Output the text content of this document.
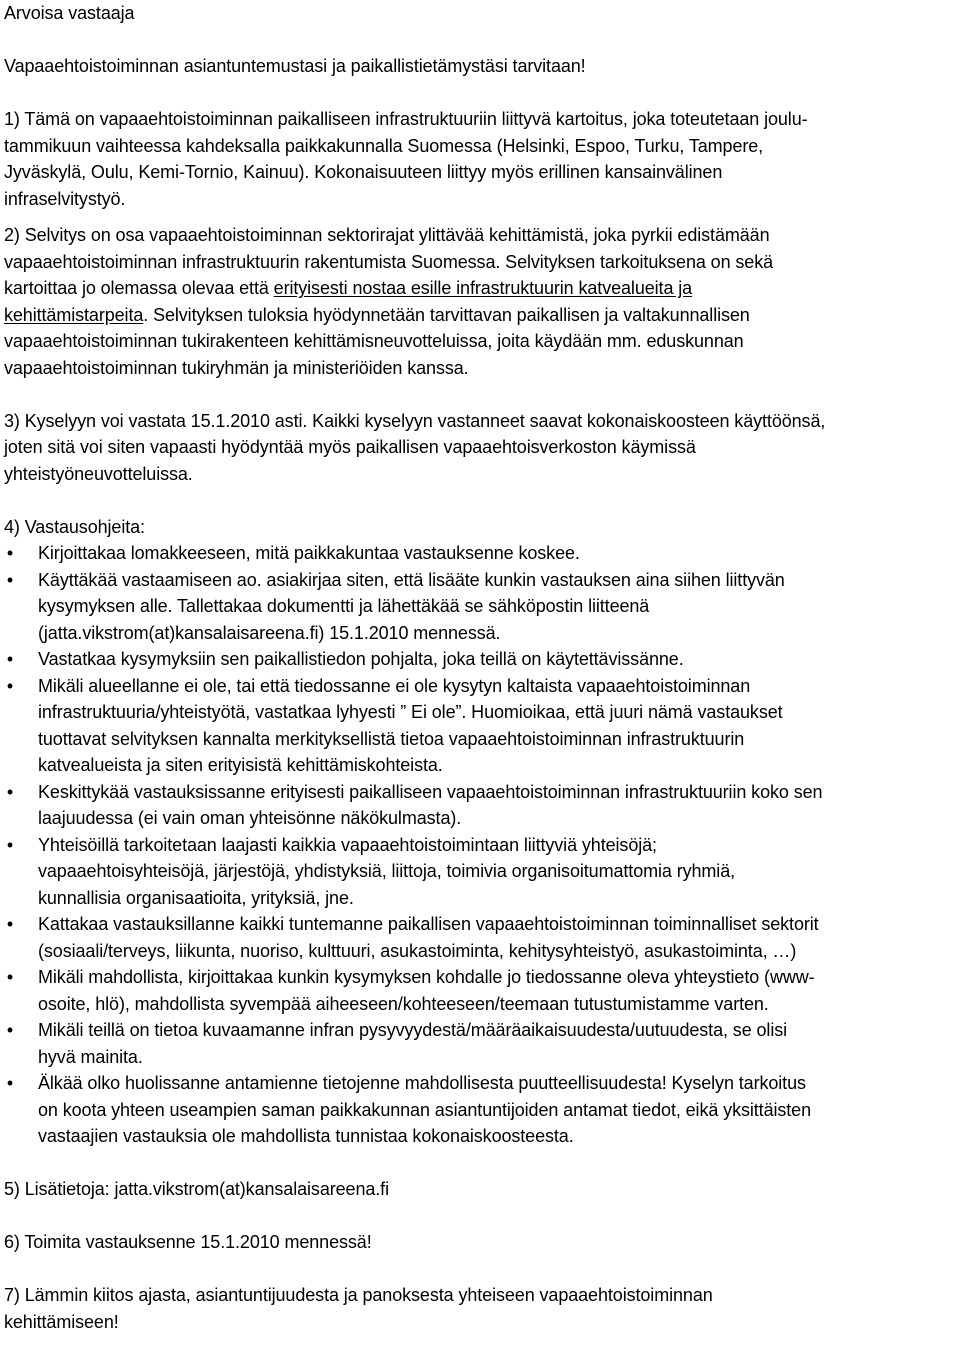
Arvoisa vastaaja
Vapaaehtoistoiminnan asiantuntemustasi ja paikallistietämystäsi tarvitaan!
1) Tämä on vapaaehtoistoiminnan paikalliseen infrastruktuuriin liittyvä kartoitus, joka toteutetaan joulu-
tammikuun vaihteessa kahdeksalla paikkakunnalla Suomessa (Helsinki, Espoo, Turku, Tampere,
Jyväskylä, Oulu, Kemi-Tornio, Kainuu). Kokonaisuuteen liittyy myös erillinen kansainvälinen
infraselvitystyö.
2) Selvitys on osa vapaaehtoistoiminnan sektorirajat ylittävää kehittämistä, joka pyrkii edistämään
vapaaehtoistoiminnan infrastruktuurin rakentumista Suomessa. Selvityksen tarkoituksena on sekä
kartoittaa jo olemassa olevaa että erityisesti nostaa esille infrastruktuurin katvealueita ja
kehittämistarpeita. Selvityksen tuloksia hyödynnetään tarvittavan paikallisen ja valtakunnallisen
vapaaehtoistoiminnan tukirakenteen kehittämisneuvotteluissa, joita käydään mm. eduskunnan
vapaaehtoistoiminnan tukiryhmän ja ministeriöiden kanssa.
3) Kyselyyn voi vastata 15.1.2010 asti. Kaikki kyselyyn vastanneet saavat kokonaiskoosteen käyttöönsä,
joten sitä voi siten vapaasti hyödyntää myös paikallisen vapaaehtoisverkoston käymissä
yhteistyöneuvotteluissa.
4) Vastausohjeita:
• Kirjoittakaa lomakkeeseen, mitä paikkakuntaa vastauksenne koskee.
• Käyttäkää vastaamiseen ao. asiakirjaa siten, että lisääte kunkin vastauksen aina siihen liittyvän
kysymyksen alle. Tallettakaa dokumentti ja lähettäkää se sähköpostin liitteenä
(jatta.vikstrom(at)kansalaisareena.fi) 15.1.2010 mennessä.
• Vastatkaa kysymyksiin sen paikallistiedon pohjalta, joka teillä on käytettävissänne.
• Mikäli alueellanne ei ole, tai että tiedossanne ei ole kysytyn kaltaista vapaaehtoistoiminnan
infrastruktuuria/yhteistyötä, vastatkaa lyhyesti ” Ei ole”. Huomioikaa, että juuri nämä vastaukset
tuottavat selvityksen kannalta merkityksellistä tietoa vapaaehtoistoiminnan infrastruktuurin
katvealueista ja siten erityisistä kehittämiskohteista.
• Keskittykää vastauksissanne erityisesti paikalliseen vapaaehtoistoiminnan infrastruktuuriin koko sen
laajuudessa (ei vain oman yhteisönne näkökulmasta).
• Yhteisöillä tarkoitetaan laajasti kaikkia vapaaehtoistoimintaan liittyviä yhteisöjä;
vapaaehtoisyhteisöjä, järjestöjä, yhdistyksiä, liittoja, toimivia organisoitumattomia ryhmiä,
kunnallisia organisaatioita, yrityksiä, jne.
• Kattakaa vastauksillanne kaikki tuntemanne paikallisen vapaaehtoistoiminnan toiminnalliset sektorit
(sosiaali/terveys, liikunta, nuoriso, kulttuuri, asukastoiminta, kehitysyhteistyö, asukastoiminta, …)
• Mikäli mahdollista, kirjoittakaa kunkin kysymyksen kohdalle jo tiedossanne oleva yhteystieto (www-
osoite, hlö), mahdollista syvempää aiheeseen/kohteeseen/teemaan tutustumistamme varten.
• Mikäli teillä on tietoa kuvaamanne infran pysyvyydestä/määräaikaisuudesta/uutuudesta, se olisi
hyvä mainita.
• Älkää olko huolissanne antamienne tietojenne mahdollisesta puutteellisuudesta! Kyselyn tarkoitus
on koota yhteen useampien saman paikkakunnan asiantuntijoiden antamat tiedot, eikä yksittäisten
vastaajien vastauksia ole mahdollista tunnistaa kokonaiskoosteesta.
5) Lisätietoja: jatta.vikstrom(at)kansalaisareena.fi
6) Toimita vastauksenne 15.1.2010 mennessä!
7) Lämmin kiitos ajasta, asiantuntijuudesta ja panoksesta yhteiseen vapaaehtoistoiminnan
kehittämiseen!
